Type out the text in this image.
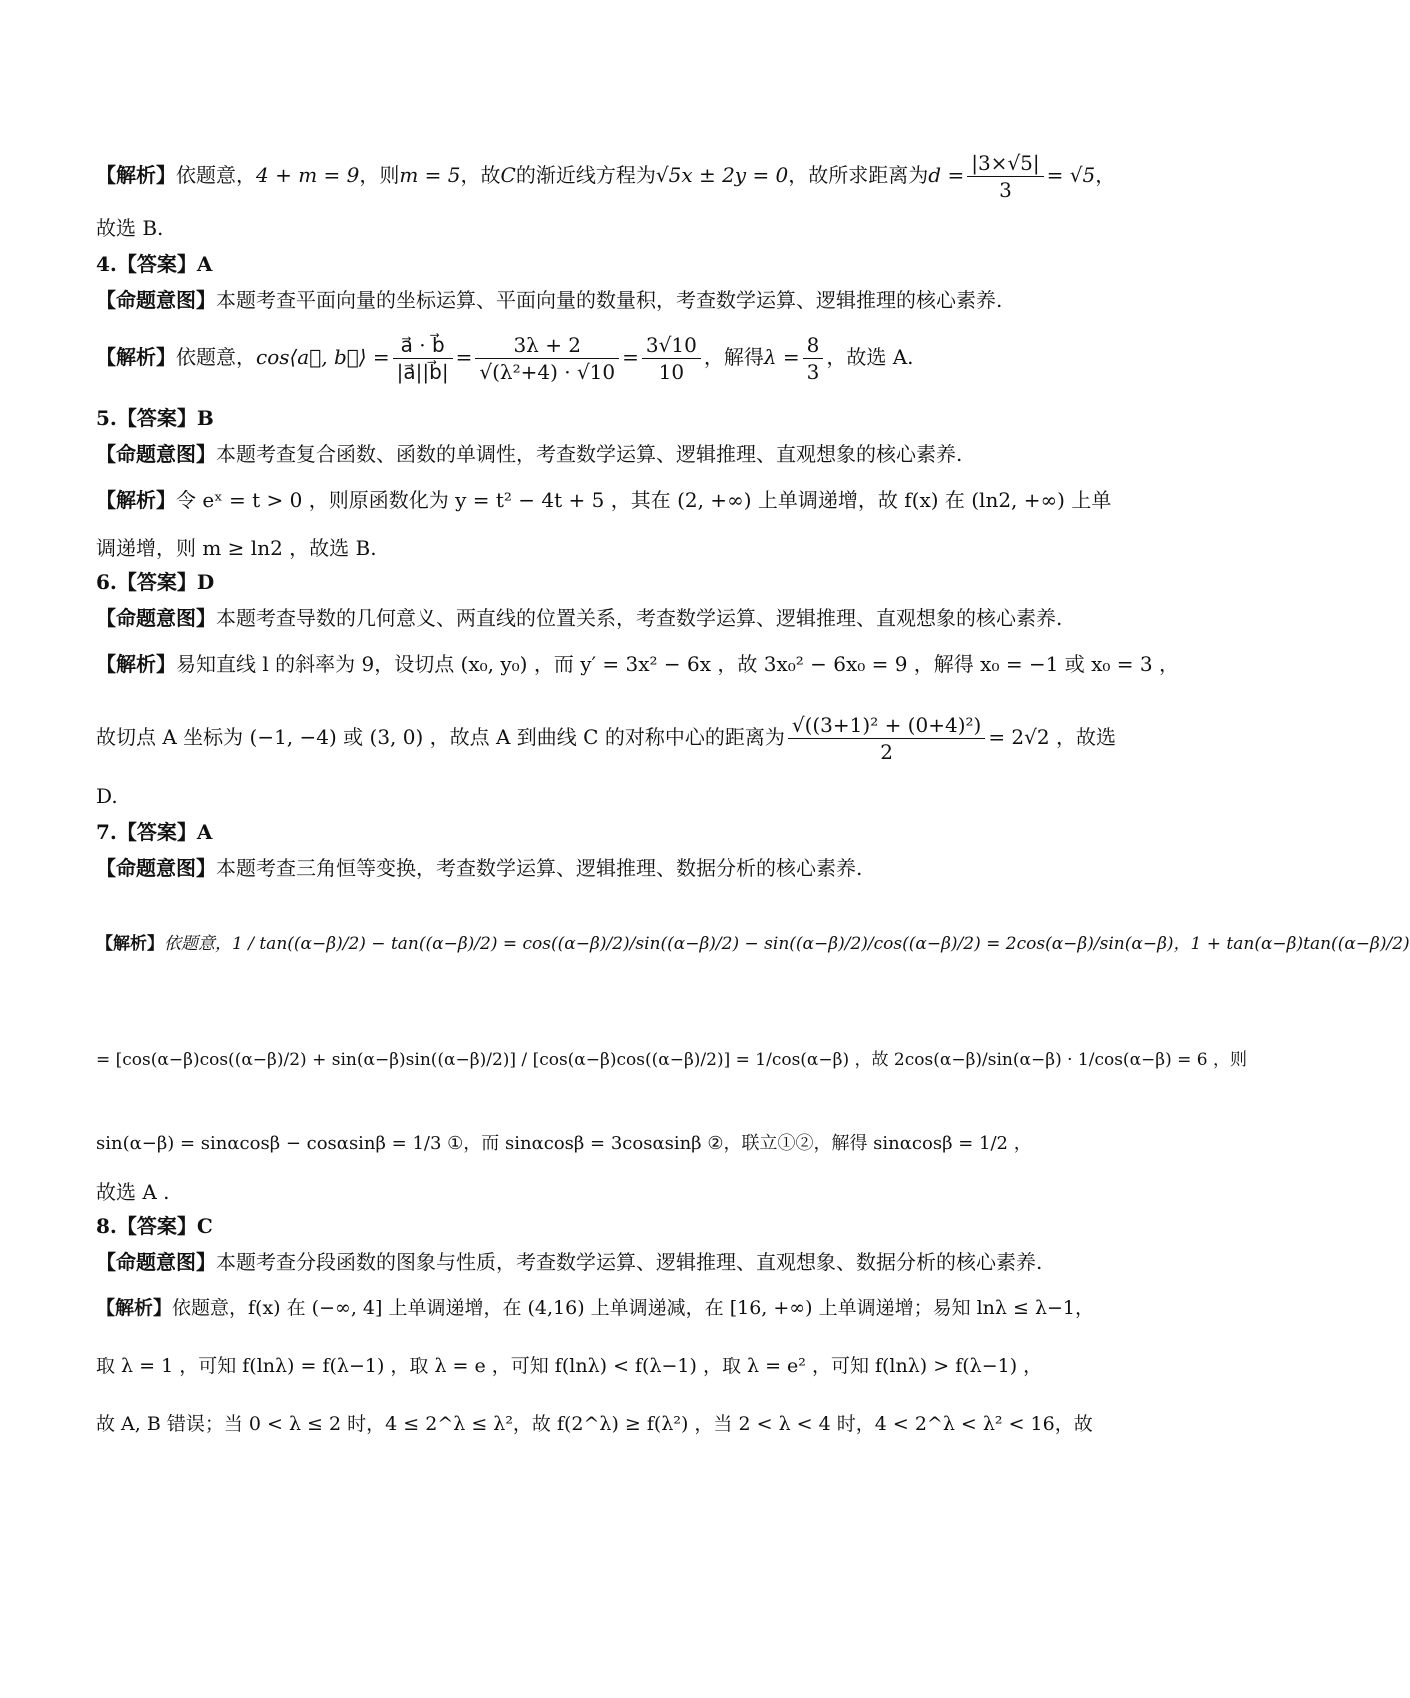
【解析】依题意，4 + m = 9，则m = 5，故C的渐近线方程为√5x ± 2y = 0，故所求距离为$d = \frac{|3\times√5|}{3} = √5$，
故选 B.
4.【答案】A
【命题意图】本题考查平面向量的坐标运算、平面向量的数量积，考查数学运算、逻辑推理的核心素养.
【解析】依题意，cos⟨a⃗, b⃗⟩ = $\frac{a⃗ \cdot b⃗}{|a⃗||b⃗|} = \frac{3\lambda + 2}{\text{√(λ²+4) · √10}} = \frac{3√10}{10}$ ，解得$\lambda = \frac{8}{3}$ ，故选 A.
5.【答案】B
【命题意图】本题考查复合函数、函数的单调性，考查数学运算、逻辑推理、直观想象的核心素养.
【解析】令 eˣ = t > 0 ，则原函数化为 y = t² − 4t + 5 ，其在 (2, +∞) 上单调递增，故 f(x) 在 (ln2, +∞) 上单
调递增，则 m ≥ ln2 ，故选 B.
6.【答案】D
【命题意图】本题考查导数的几何意义、两直线的位置关系，考查数学运算、逻辑推理、直观想象的核心素养.
【解析】易知直线 l 的斜率为 9，设切点 (x₀, y₀) ，而 y′ = 3x² − 6x ，故 3x₀² − 6x₀ = 9 ，解得 x₀ = −1 或 x₀ = 3 ，
故切点 A 坐标为 (−1, −4) 或 (3, 0) ，故点 A 到曲线 C 的对称中心的距离为 $\frac{\text{√((3+1)² + (0+4)²)}}{2} = 2√2$ ，故选
D.
7.【答案】A
【命题意图】本题考查三角恒等变换，考查数学运算、逻辑推理、数据分析的核心素养.
【解析】依题意，1 / tan((α−β)/2) − tan((α−β)/2) = cos((α−β)/2)/sin((α−β)/2) − sin((α−β)/2)/cos((α−β)/2) = 2cos(α−β)/sin(α−β)，1 + tan(α−β)tan((α−β)/2)
= [cos(α−β)cos((α−β)/2) + sin(α−β)sin((α−β)/2)] / [cos(α−β)cos((α−β)/2)] = 1/cos(α−β) ，故 2cos(α−β)/sin(α−β) · 1/cos(α−β) = 6 ，则
sin(α−β) = sinαcosβ − cosαsinβ = 1/3 ①，而 sinαcosβ = 3cosαsinβ ②，联立①②，解得 sinαcosβ = 1/2 ，
故选 A .
8.【答案】C
【命题意图】本题考查分段函数的图象与性质，考查数学运算、逻辑推理、直观想象、数据分析的核心素养.
【解析】依题意，f(x) 在 (−∞, 4] 上单调递增，在 (4,16) 上单调递减，在 [16, +∞) 上单调递增；易知 lnλ ≤ λ−1，
取 λ = 1 ，可知 f(lnλ) = f(λ−1) ，取 λ = e ，可知 f(lnλ) < f(λ−1) ，取 λ = e² ，可知 f(lnλ) > f(λ−1) ，
故 A, B 错误；当 0 < λ ≤ 2 时，4 ≤ 2^λ ≤ λ²，故 f(2^λ) ≥ f(λ²) ，当 2 < λ < 4 时，4 < 2^λ < λ² < 16，故
